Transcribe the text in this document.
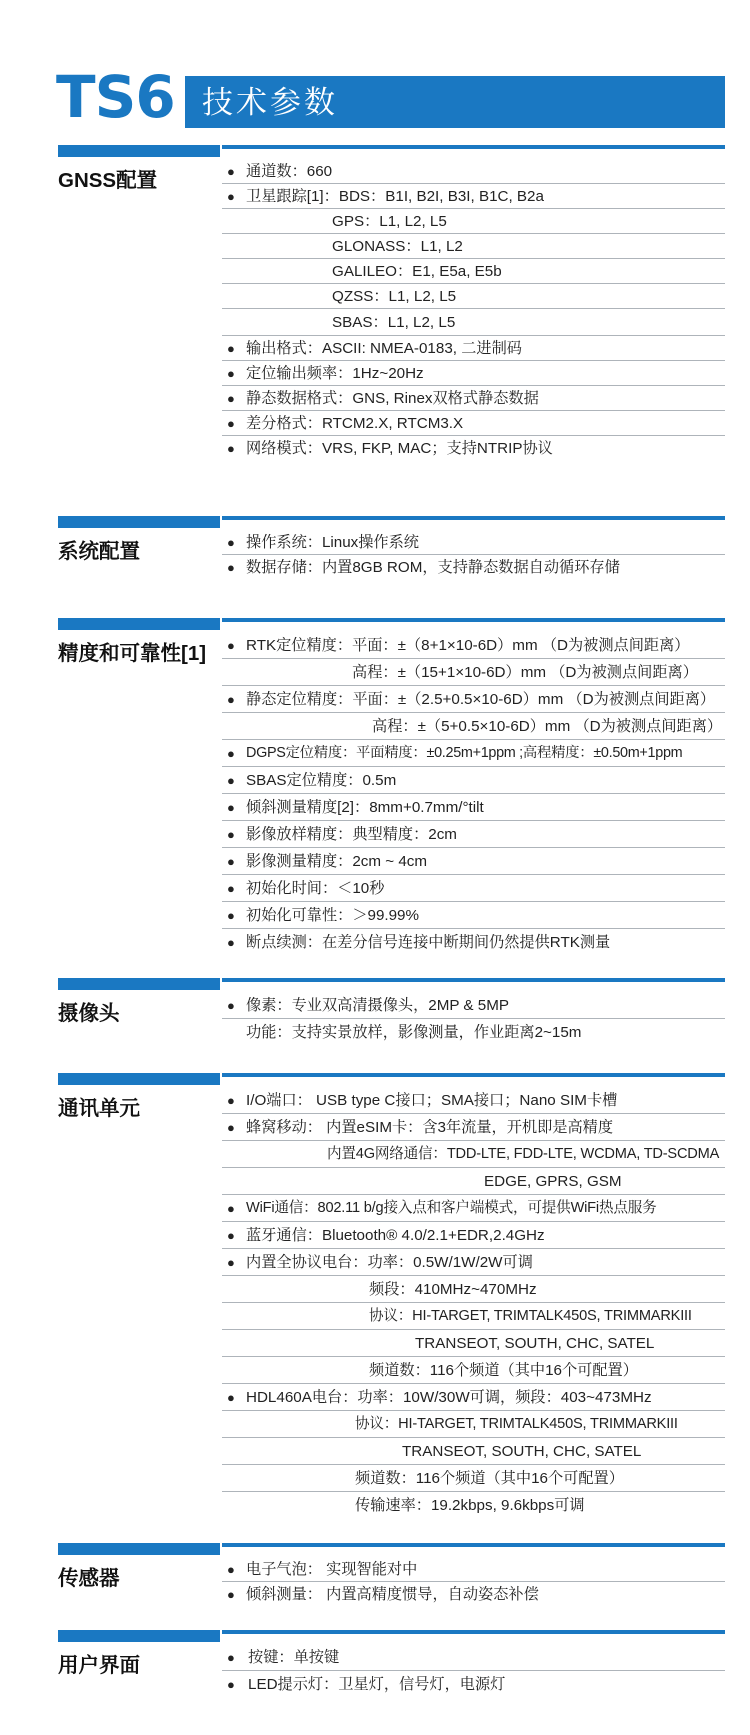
TS6 技术参数
GNSS配置	● 通道数：660
● 卫星跟踪[1]：BDS：B1I, B2I, B3I, B1C, B2a
GPS：L1, L2, L5
GLONASS：L1, L2
GALILEO：E1, E5a, E5b
QZSS：L1, L2, L5
SBAS：L1, L2, L5
● 输出格式：ASCII: NMEA-0183, 二进制码
● 定位输出频率：1Hz~20Hz
● 静态数据格式：GNS, Rinex双格式静态数据
● 差分格式：RTCM2.X, RTCM3.X
● 网络模式：VRS, FKP, MAC；支持NTRIP协议
系统配置	● 操作系统：Linux操作系统
● 数据存储：内置8GB ROM，支持静态数据自动循环存储
精度和可靠性[1] ● RTK定位精度：平面：±（8+1×10-6D）mm （D为被测点间距离）
高程：±（15+1×10-6D）mm （D为被测点间距离）
● 静态定位精度：平面：±（2.5+0.5×10-6D）mm （D为被测点间距离）
高程：±（5+0.5×10-6D）mm （D为被测点间距离）
● DGPS定位精度：平面精度：±0.25m+1ppm ;高程精度：±0.50m+1ppm
● SBAS定位精度：0.5m
● 倾斜测量精度[2]：8mm+0.7mm/°tilt
● 影像放样精度：典型精度：2cm
● 影像测量精度：2cm ~ 4cm
● 初始化时间：＜10秒
● 初始化可靠性：＞99.99%
● 断点续测：在差分信号连接中断期间仍然提供RTK测量
摄像头	● 像素：专业双高清摄像头，2MP & 5MP
功能：支持实景放样，影像测量，作业距离2~15m
通讯单元	● I/O端口： USB type C接口；SMA接口；Nano SIM卡槽
● 蜂窝移动： 内置eSIM卡：含3年流量，开机即是高精度
内置4G网络通信：TDD-LTE, FDD-LTE, WCDMA, TD-SCDMA
EDGE, GPRS, GSM
● WiFi通信：802.11 b/g接入点和客户端模式，可提供WiFi热点服务
● 蓝牙通信：Bluetooth® 4.0/2.1+EDR,2.4GHz
● 内置全协议电台：功率：0.5W/1W/2W可调
频段：410MHz~470MHz
协议：HI-TARGET, TRIMTALK450S, TRIMMARKIII
TRANSEOT, SOUTH, CHC, SATEL
频道数：116个频道（其中16个可配置）
● HDL460A电台：功率：10W/30W可调，频段：403~473MHz
协议：HI-TARGET, TRIMTALK450S, TRIMMARKIII
TRANSEOT, SOUTH, CHC, SATEL
频道数：116个频道（其中16个可配置）
传输速率：19.2kbps, 9.6kbps可调
传感器	● 电子气泡： 实现智能对中
● 倾斜测量： 内置高精度惯导，自动姿态补偿
用户界面	● 按键：单按键
● LED提示灯：卫星灯，信号灯，电源灯
